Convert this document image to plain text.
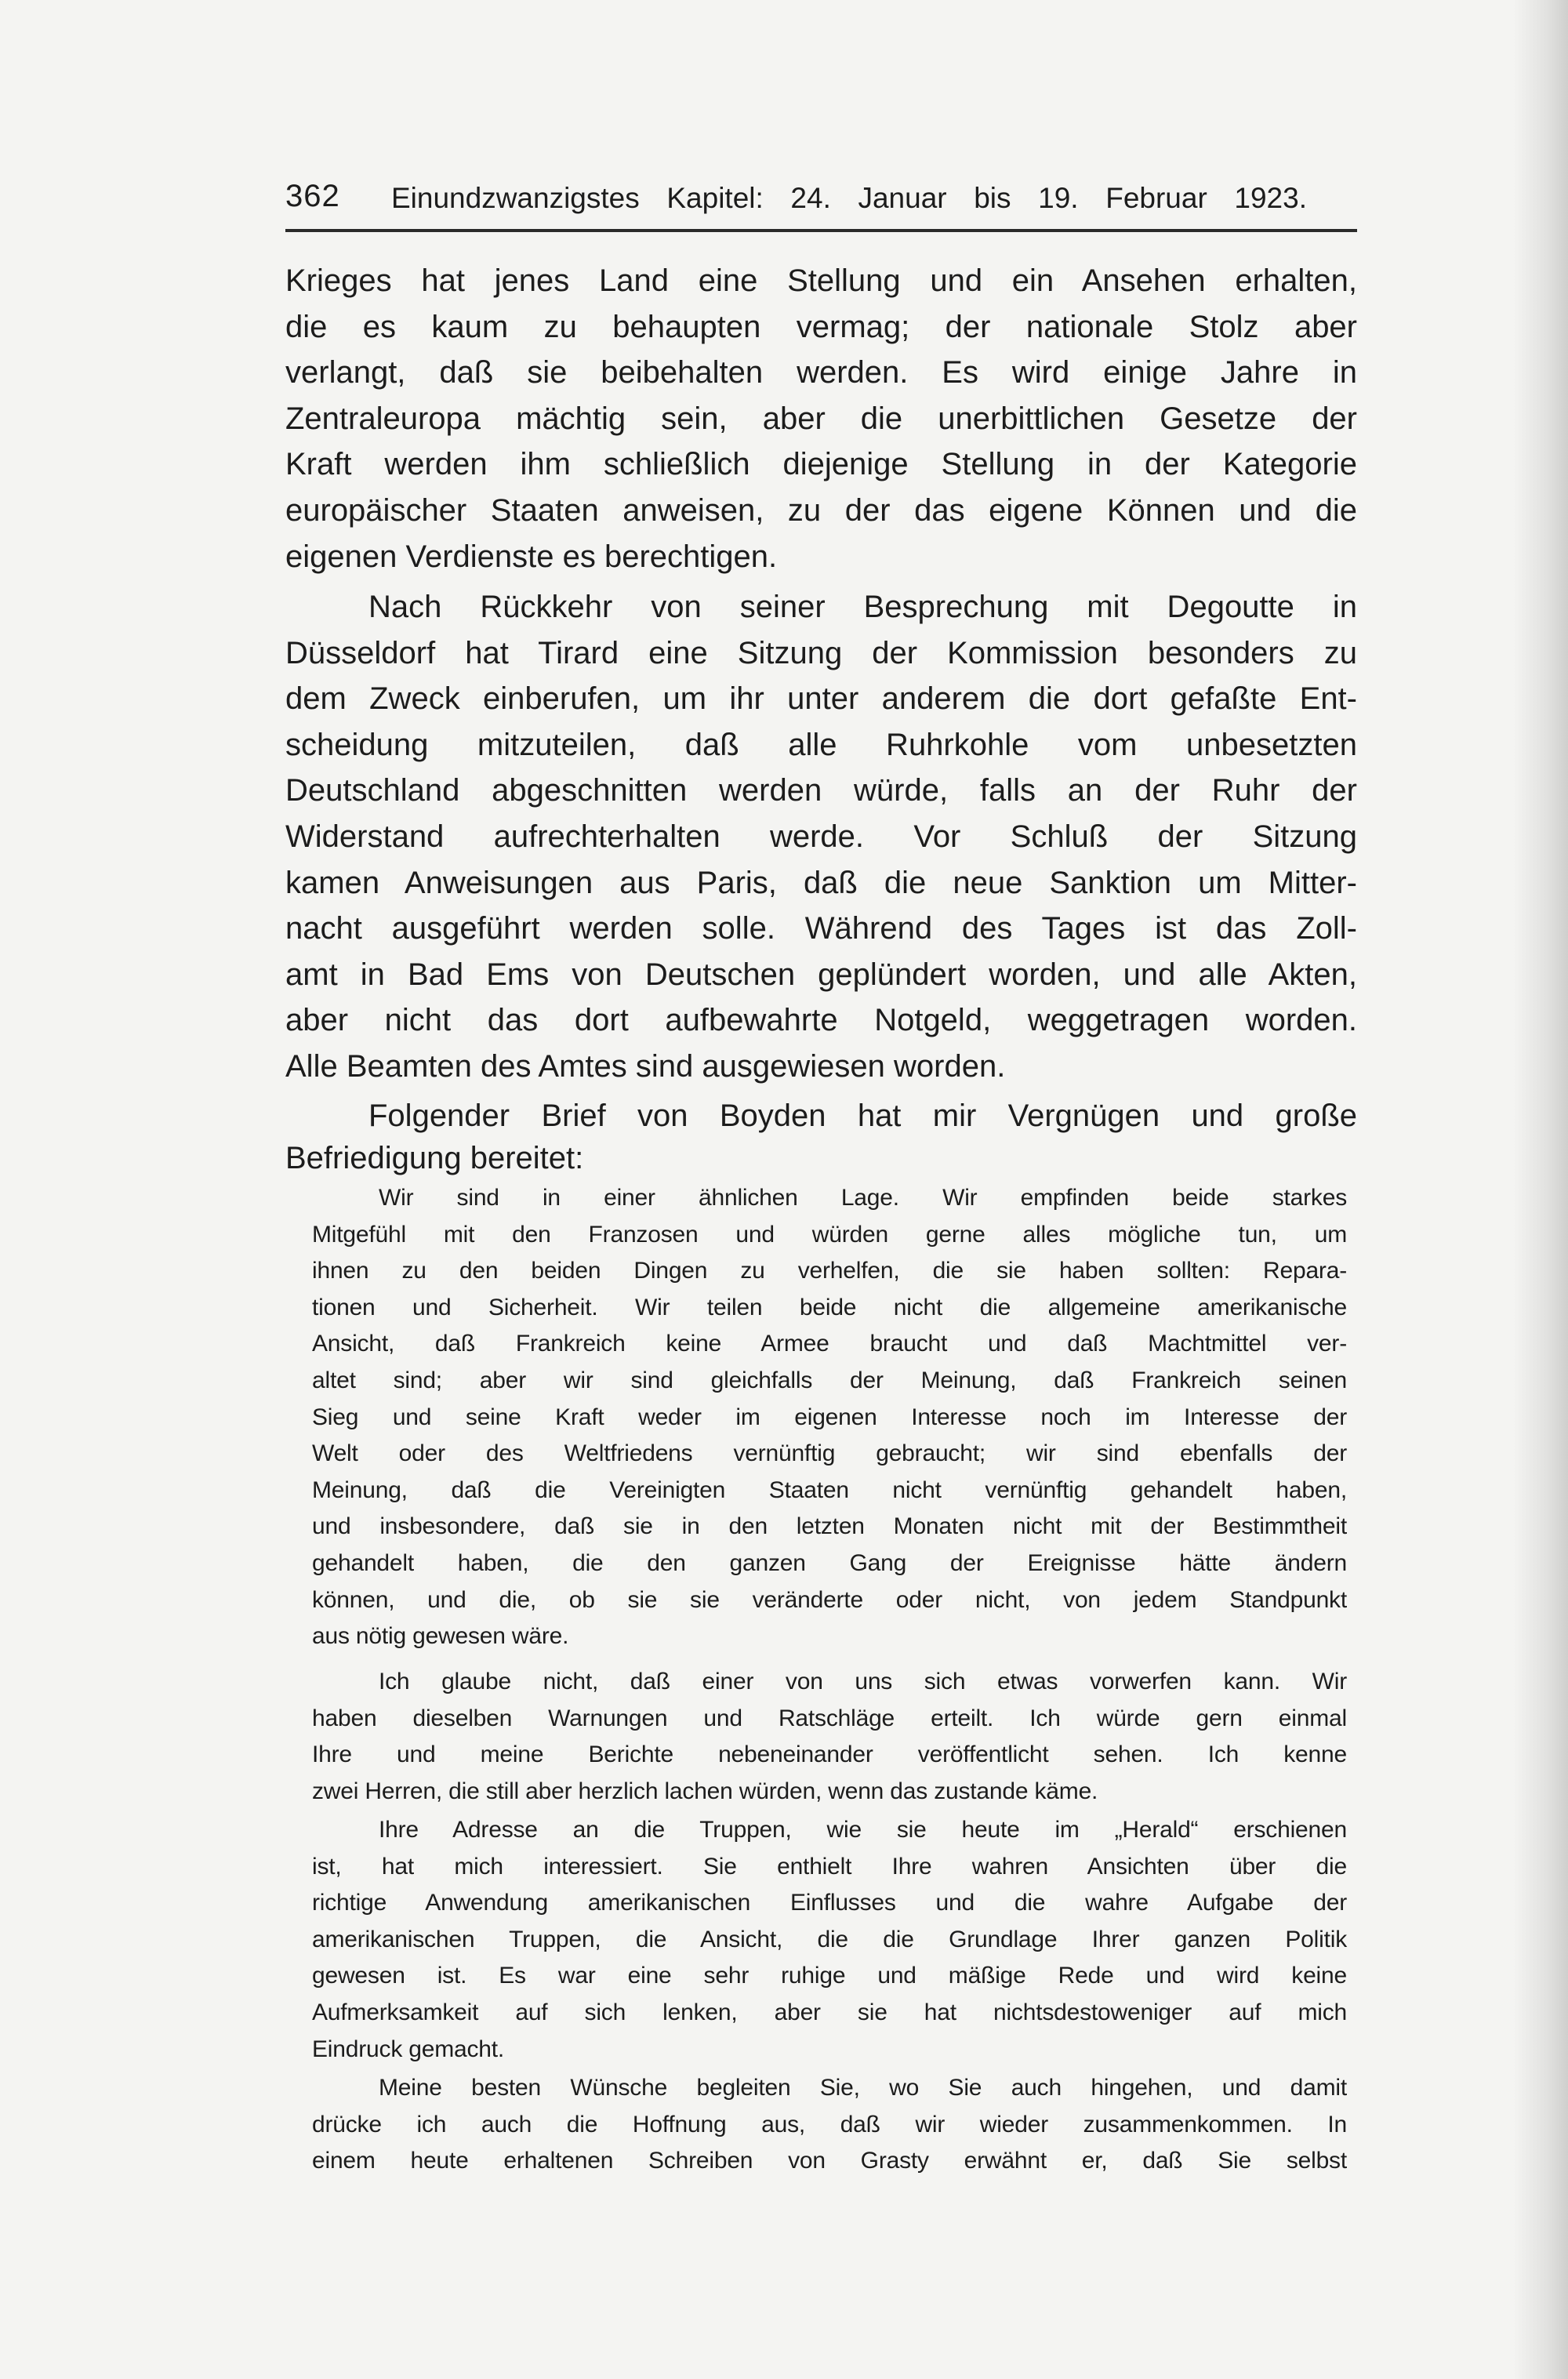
362 Einundzwanzigstes Kapitel: 24. Januar bis 19. Februar 1923.
Krieges hat jenes Land eine Stellung und ein Ansehen erhalten,
die es kaum zu behaupten vermag; der nationale Stolz aber
verlangt, daß sie beibehalten werden. Es wird einige Jahre in
Zentraleuropa mächtig sein, aber die unerbittlichen Gesetze der
Kraft werden ihm schließlich diejenige Stellung in der Kategorie
europäischer Staaten anweisen, zu der das eigene Können und die
eigenen Verdienste es berechtigen.
Nach Rückkehr von seiner Besprechung mit Degoutte in
Düsseldorf hat Tirard eine Sitzung der Kommission besonders zu
dem Zweck einberufen, um ihr unter anderem die dort gefaßte Ent-
scheidung mitzuteilen, daß alle Ruhrkohle vom unbesetzten
Deutschland abgeschnitten werden würde, falls an der Ruhr der
Widerstand aufrechterhalten werde. Vor Schluß der Sitzung
kamen Anweisungen aus Paris, daß die neue Sanktion um Mitter-
nacht ausgeführt werden solle. Während des Tages ist das Zoll-
amt in Bad Ems von Deutschen geplündert worden, und alle Akten,
aber nicht das dort aufbewahrte Notgeld, weggetragen worden.
Alle Beamten des Amtes sind ausgewiesen worden.
Folgender Brief von Boyden hat mir Vergnügen und große
Befriedigung bereitet:
Wir sind in einer ähnlichen Lage. Wir empfinden beide starkes
Mitgefühl mit den Franzosen und würden gerne alles mögliche tun, um
ihnen zu den beiden Dingen zu verhelfen, die sie haben sollten: Repara-
tionen und Sicherheit. Wir teilen beide nicht die allgemeine amerikanische
Ansicht, daß Frankreich keine Armee braucht und daß Machtmittel ver-
altet sind; aber wir sind gleichfalls der Meinung, daß Frankreich seinen
Sieg und seine Kraft weder im eigenen Interesse noch im Interesse der
Welt oder des Weltfriedens vernünftig gebraucht; wir sind ebenfalls der
Meinung, daß die Vereinigten Staaten nicht vernünftig gehandelt haben,
und insbesondere, daß sie in den letzten Monaten nicht mit der Bestimmtheit
gehandelt haben, die den ganzen Gang der Ereignisse hätte ändern
können, und die, ob sie sie veränderte oder nicht, von jedem Standpunkt
aus nötig gewesen wäre.
Ich glaube nicht, daß einer von uns sich etwas vorwerfen kann. Wir
haben dieselben Warnungen und Ratschläge erteilt. Ich würde gern einmal
Ihre und meine Berichte nebeneinander veröffentlicht sehen. Ich kenne
zwei Herren, die still aber herzlich lachen würden, wenn das zustande käme.
Ihre Adresse an die Truppen, wie sie heute im „Herald“ erschienen
ist, hat mich interessiert. Sie enthielt Ihre wahren Ansichten über die
richtige Anwendung amerikanischen Einflusses und die wahre Aufgabe der
amerikanischen Truppen, die Ansicht, die die Grundlage Ihrer ganzen Politik
gewesen ist. Es war eine sehr ruhige und mäßige Rede und wird keine
Aufmerksamkeit auf sich lenken, aber sie hat nichtsdestoweniger auf mich
Eindruck gemacht.
Meine besten Wünsche begleiten Sie, wo Sie auch hingehen, und damit
drücke ich auch die Hoffnung aus, daß wir wieder zusammenkommen. In
einem heute erhaltenen Schreiben von Grasty erwähnt er, daß Sie selbst
